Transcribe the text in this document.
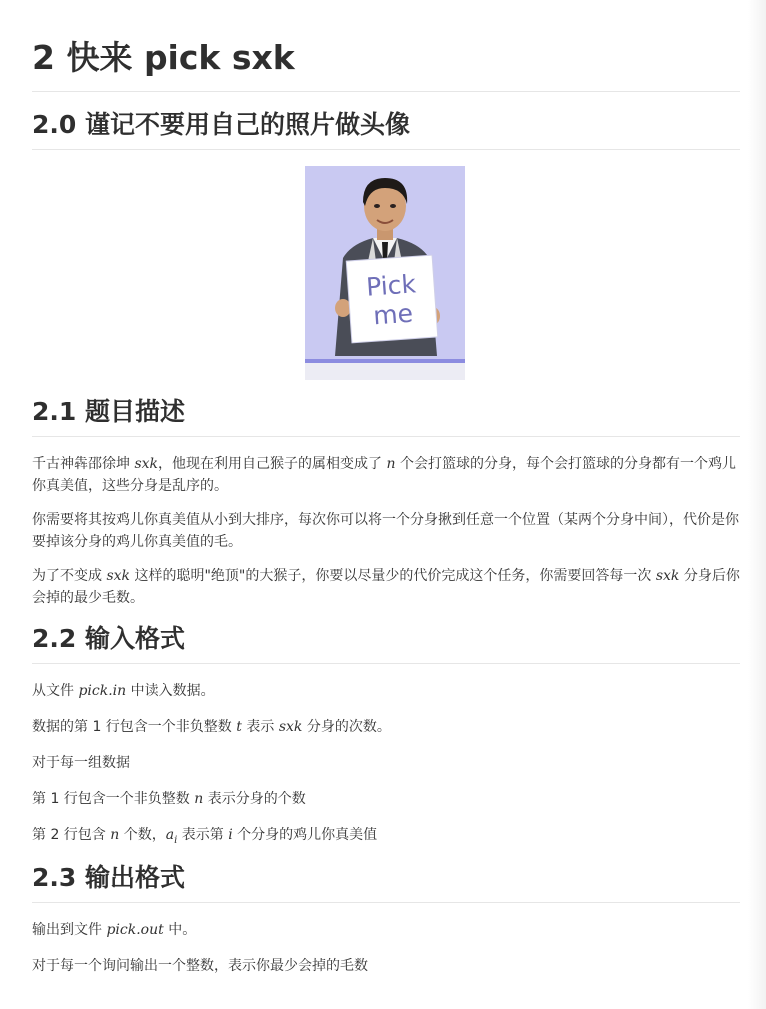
2 快来 pick sxk
2.0 谨记不要用自己的照片做头像
Pick
me
2.1 题目描述

千古神犇邵徐坤 sxk，他现在利用自己猴子的属相变成了 n 个会打篮球的分身，每个会打篮球的分身都有一个鸡儿你真美值，这些分身是乱序的。

你需要将其按鸡儿你真美值从小到大排序，每次你可以将一个分身揪到任意一个位置（某两个分身中间），代价是你要掉该分身的鸡儿你真美值的毛。

为了不变成 sxk 这样的聪明"绝顶"的大猴子，你要以尽量少的代价完成这个任务，你需要回答每一次 sxk 分身后你会掉的最少毛数。

2.2 输入格式

从文件 pick.in 中读入数据。

数据的第 1 行包含一个非负整数 t 表示 sxk 分身的次数。

对于每一组数据

第 1 行包含一个非负整数 n 表示分身的个数

第 2 行包含 n 个数，$a_i$ 表示第 i 个分身的鸡儿你真美值

2.3 输出格式

输出到文件 pick.out 中。

对于每一个询问输出一个整数，表示你最少会掉的毛数
